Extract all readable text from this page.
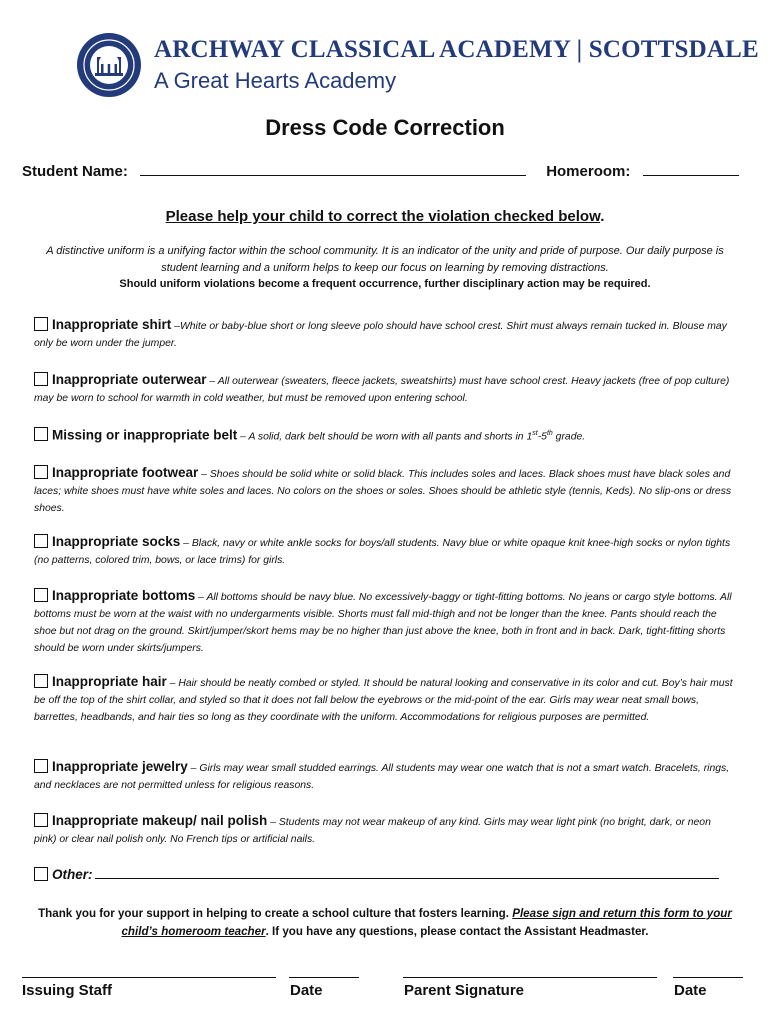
ARCHWAY CLASSICAL ACADEMY | SCOTTSDALE
A Great Hearts Academy
Dress Code Correction
Student Name:	Homeroom:
Please help your child to correct the violation checked below.
A distinctive uniform is a unifying factor within the school community. It is an indicator of the unity and pride of purpose. Our daily purpose is student learning and a uniform helps to keep our focus on learning by removing distractions.
Should uniform violations become a frequent occurrence, further disciplinary action may be required.
Inappropriate shirt –White or baby-blue short or long sleeve polo should have school crest. Shirt must always remain tucked in. Blouse may only be worn under the jumper.
Inappropriate outerwear – All outerwear (sweaters, fleece jackets, sweatshirts) must have school crest. Heavy jackets (free of pop culture) may be worn to school for warmth in cold weather, but must be removed upon entering school.
Missing or inappropriate belt – A solid, dark belt should be worn with all pants and shorts in 1st-5th grade.
Inappropriate footwear – Shoes should be solid white or solid black. This includes soles and laces. Black shoes must have black soles and laces; white shoes must have white soles and laces. No colors on the shoes or soles. Shoes should be athletic style (tennis, Keds). No slip-ons or dress shoes.
Inappropriate socks – Black, navy or white ankle socks for boys/all students. Navy blue or white opaque knit knee-high socks or nylon tights (no patterns, colored trim, bows, or lace trims) for girls.
Inappropriate bottoms – All bottoms should be navy blue. No excessively-baggy or tight-fitting bottoms. No jeans or cargo style bottoms. All bottoms must be worn at the waist with no undergarments visible. Shorts must fall mid-thigh and not be longer than the knee. Pants should reach the shoe but not drag on the ground. Skirt/jumper/skort hems may be no higher than just above the knee, both in front and in back. Dark, tight-fitting shorts should be worn under skirts/jumpers.
Inappropriate hair – Hair should be neatly combed or styled. It should be natural looking and conservative in its color and cut. Boy’s hair must be off the top of the shirt collar, and styled so that it does not fall below the eyebrows or the mid-point of the ear. Girls may wear neat small bows, barrettes, headbands, and hair ties so long as they coordinate with the uniform. Accommodations for religious purposes are permitted.
Inappropriate jewelry – Girls may wear small studded earrings. All students may wear one watch that is not a smart watch. Bracelets, rings, and necklaces are not permitted unless for religious reasons.
Inappropriate makeup/ nail polish – Students may not wear makeup of any kind. Girls may wear light pink (no bright, dark, or neon pink) or clear nail polish only. No French tips or artificial nails.
Other:
Thank you for your support in helping to create a school culture that fosters learning. Please sign and return this form to your child’s homeroom teacher. If you have any questions, please contact the Assistant Headmaster.
Issuing Staff	Date	Parent Signature	Date
